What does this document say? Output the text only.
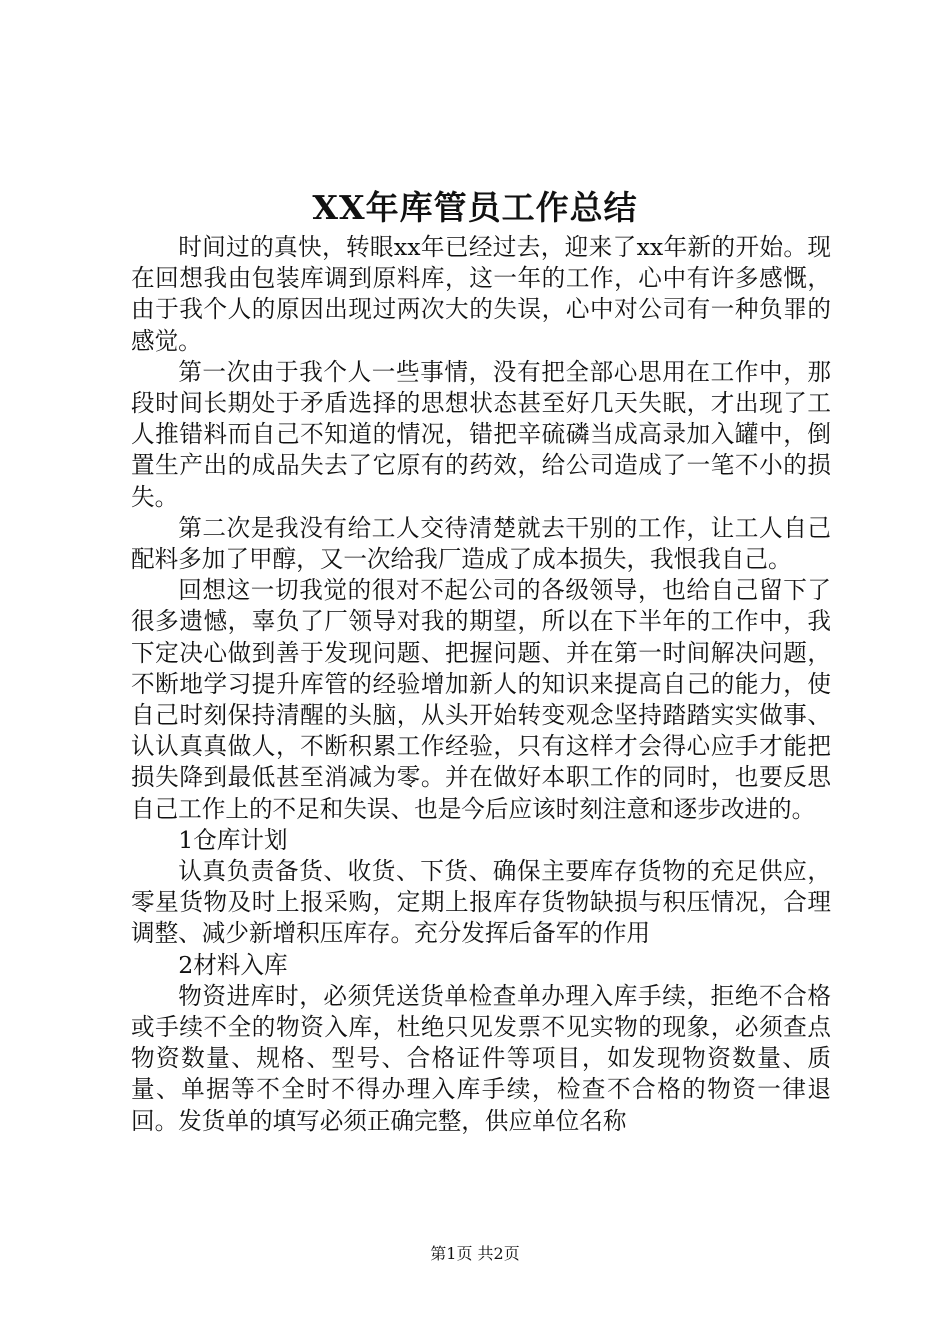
XX年库管员工作总结

时间过的真快，转眼xx年已经过去，迎来了xx年新的开始。现在回想我由包装库调到原料库，这一年的工作，心中有许多感慨，由于我个人的原因出现过两次大的失误，心中对公司有一种负罪的感觉。

第一次由于我个人一些事情，没有把全部心思用在工作中，那段时间长期处于矛盾选择的思想状态甚至好几天失眠，才出现了工人推错料而自己不知道的情况，错把辛硫磷当成高录加入罐中，倒置生产出的成品失去了它原有的药效，给公司造成了一笔不小的损失。

第二次是我没有给工人交待清楚就去干别的工作，让工人自己配料多加了甲醇，又一次给我厂造成了成本损失，我恨我自己。

回想这一切我觉的很对不起公司的各级领导，也给自己留下了很多遗憾，辜负了厂领导对我的期望，所以在下半年的工作中，我下定决心做到善于发现问题、把握问题、并在第一时间解决问题，不断地学习提升库管的经验增加新人的知识来提高自己的能力，使自己时刻保持清醒的头脑，从头开始转变观念坚持踏踏实实做事、认认真真做人，不断积累工作经验，只有这样才会得心应手才能把损失降到最低甚至消减为零。并在做好本职工作的同时，也要反思自己工作上的不足和失误、也是今后应该时刻注意和逐步改进的。

1仓库计划

认真负责备货、收货、下货、确保主要库存货物的充足供应，零星货物及时上报采购，定期上报库存货物缺损与积压情况，合理调整、减少新增积压库存。充分发挥后备军的作用

2材料入库

物资进库时，必须凭送货单检查单办理入库手续，拒绝不合格或手续不全的物资入库，杜绝只见发票不见实物的现象，必须查点物资数量、规格、型号、合格证件等项目，如发现物资数量、质量、单据等不全时不得办理入库手续，检查不合格的物资一律退回。发货单的填写必须正确完整，供应单位名称

第1页 共2页
